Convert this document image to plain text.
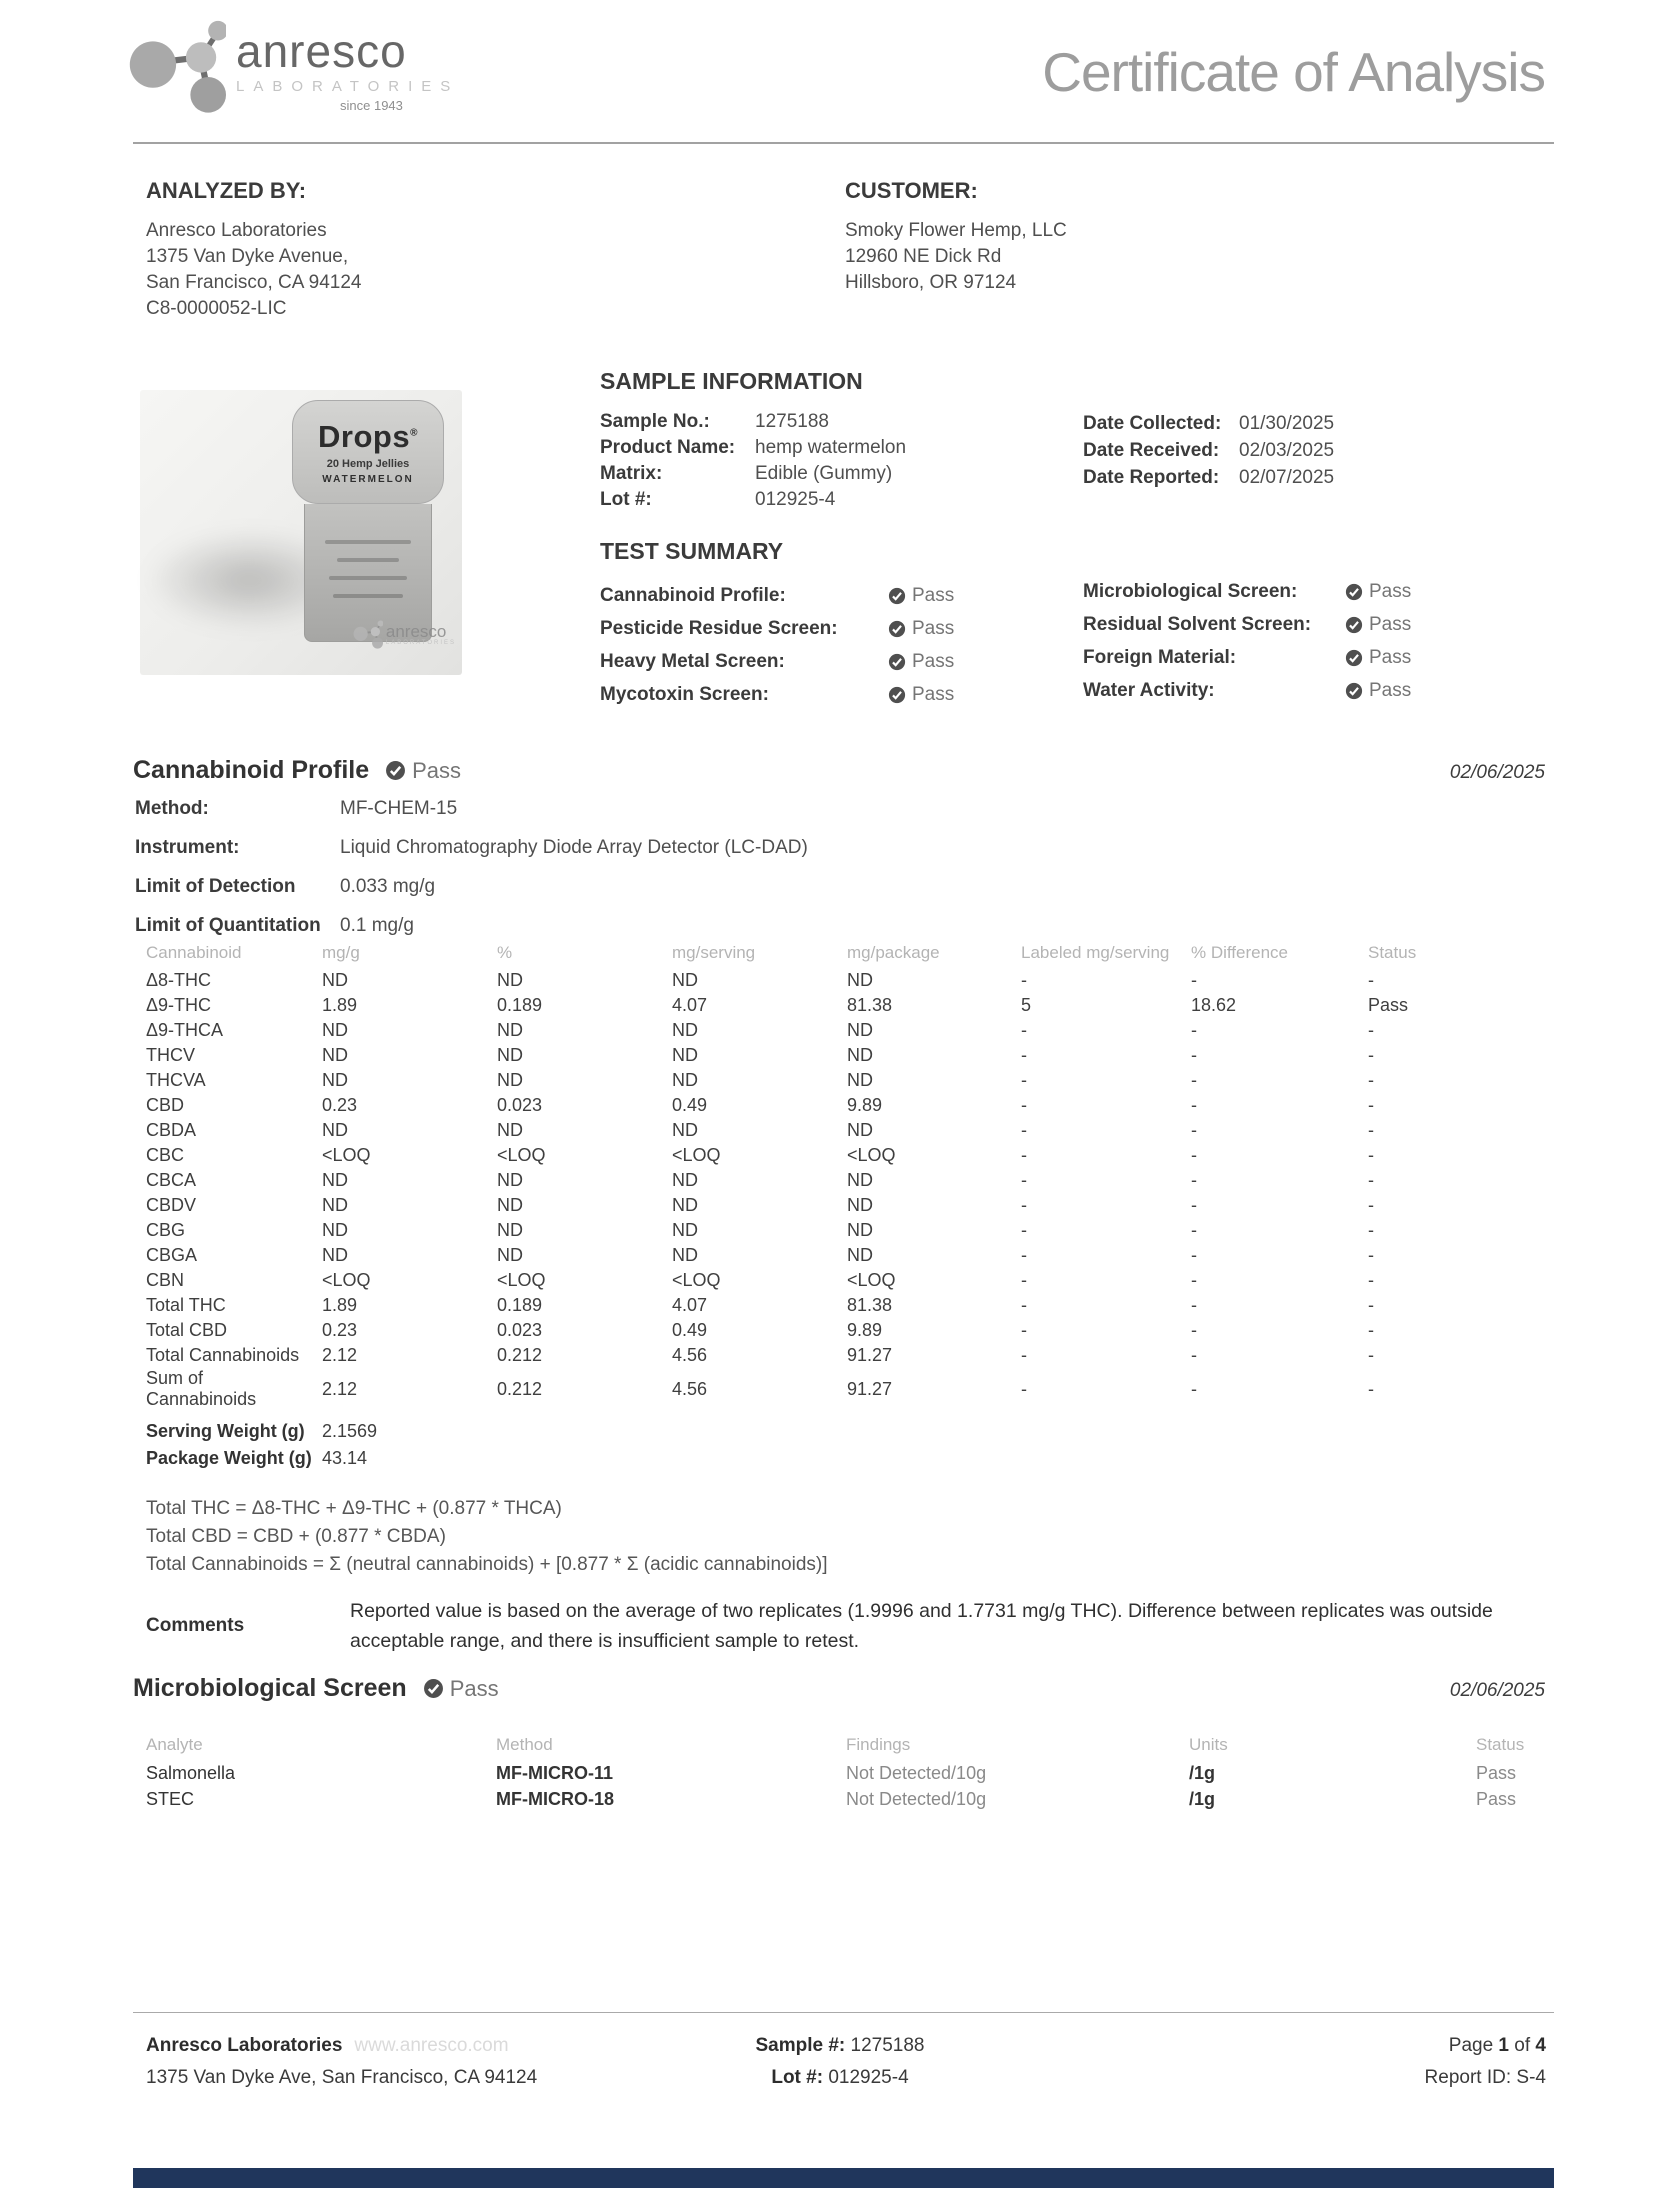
anresco
LABORATORIES
since 1943
Certificate of Analysis
ANALYZED BY:
Anresco Laboratories
1375 Van Dyke Avenue,
San Francisco, CA 94124
C8-0000052-LIC
CUSTOMER:
Smoky Flower Hemp, LLC
12960 NE Dick Rd
Hillsboro, OR 97124
Drops®
20 Hemp Jellies
WATERMELON
anresco
LABORATORIES
SAMPLE INFORMATION
Sample No.:	1275188
Product Name:	hemp watermelon
Matrix:	Edible (Gummy)
Lot #:	012925-4
Date Collected: 01/30/2025
Date Received:	02/03/2025
Date Reported:	02/07/2025
TEST SUMMARY
Cannabinoid Profile:	Pass
Pesticide Residue Screen:	Pass
Heavy Metal Screen:	Pass
Mycotoxin Screen:	Pass
Microbiological Screen:	Pass
Residual Solvent Screen:	Pass
Foreign Material:	Pass
Water Activity:	Pass
Cannabinoid Profile Pass	02/06/2025
Method:	MF-CHEM-15
Instrument:	Liquid Chromatography Diode Array Detector (LC-DAD)
Limit of Detection	0.033 mg/g
Limit of Quantitation	0.1 mg/g
Cannabinoid	mg/g	%	mg/serving	mg/package	Labeled mg/serving	% Difference	Status
Δ8-THC	ND	ND	ND	ND	-	-	-
Δ9-THC	1.89	0.189	4.07	81.38	5	18.62	Pass
Δ9-THCA	ND	ND	ND	ND	-	-	-
THCV	ND	ND	ND	ND	-	-	-
THCVA	ND	ND	ND	ND	-	-	-
CBD	0.23	0.023	0.49	9.89	-	-	-
CBDA	ND	ND	ND	ND	-	-	-
CBC	<LOQ	<LOQ	<LOQ	<LOQ	-	-	-
CBCA	ND	ND	ND	ND	-	-	-
CBDV	ND	ND	ND	ND	-	-	-
CBG	ND	ND	ND	ND	-	-	-
CBGA	ND	ND	ND	ND	-	-	-
CBN	<LOQ	<LOQ	<LOQ	<LOQ	-	-	-
Total THC	1.89	0.189	4.07	81.38	-	-	-
Total CBD	0.23	0.023	0.49	9.89	-	-	-
Total Cannabinoids	2.12	0.212	4.56	91.27	-	-	-
Sum of Cannabinoids	2.12	0.212	4.56	91.27	-	-	-
Serving Weight (g) 2.1569
Package Weight (g) 43.14
Total THC = Δ8-THC + Δ9-THC + (0.877 * THCA)
Total CBD = CBD + (0.877 * CBDA)
Total Cannabinoids = Σ (neutral cannabinoids) + [0.877 * Σ (acidic cannabinoids)]
Comments
Reported value is based on the average of two replicates (1.9996 and 1.7731 mg/g THC). Difference between replicates was outside acceptable range, and there is insufficient sample to retest.
Microbiological Screen Pass	02/06/2025
Analyte	Method	Findings	Units	Status
Salmonella	MF-MICRO-11	Not Detected/10g	/1g	Pass
STEC	MF-MICRO-18	Not Detected/10g	/1g	Pass
Anresco Laboratories www.anresco.com
1375 Van Dyke Ave, San Francisco, CA 94124
Sample #: 1275188
Lot #: 012925-4
Page 1 of 4
Report ID: S-4
